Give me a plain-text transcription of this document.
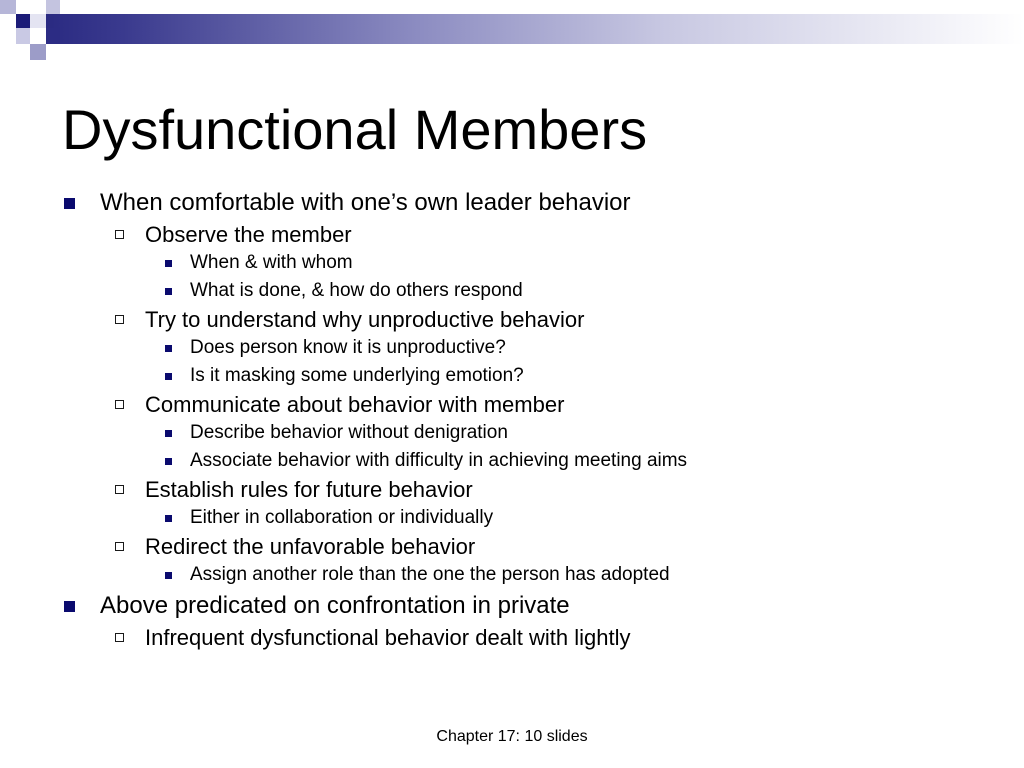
Dysfunctional Members
When comfortable with one’s own leader behavior
Observe the member
When & with whom
What is done, & how do others respond
Try to understand why unproductive behavior
Does person know it is unproductive?
Is it masking some underlying emotion?
Communicate about behavior with member
Describe behavior without denigration
Associate behavior with difficulty in achieving meeting aims
Establish rules for future behavior
Either in collaboration or individually
Redirect the unfavorable behavior
Assign another role than the one the person has adopted
Above predicated on confrontation in private
Infrequent dysfunctional behavior dealt with lightly
Chapter 17: 10 slides
